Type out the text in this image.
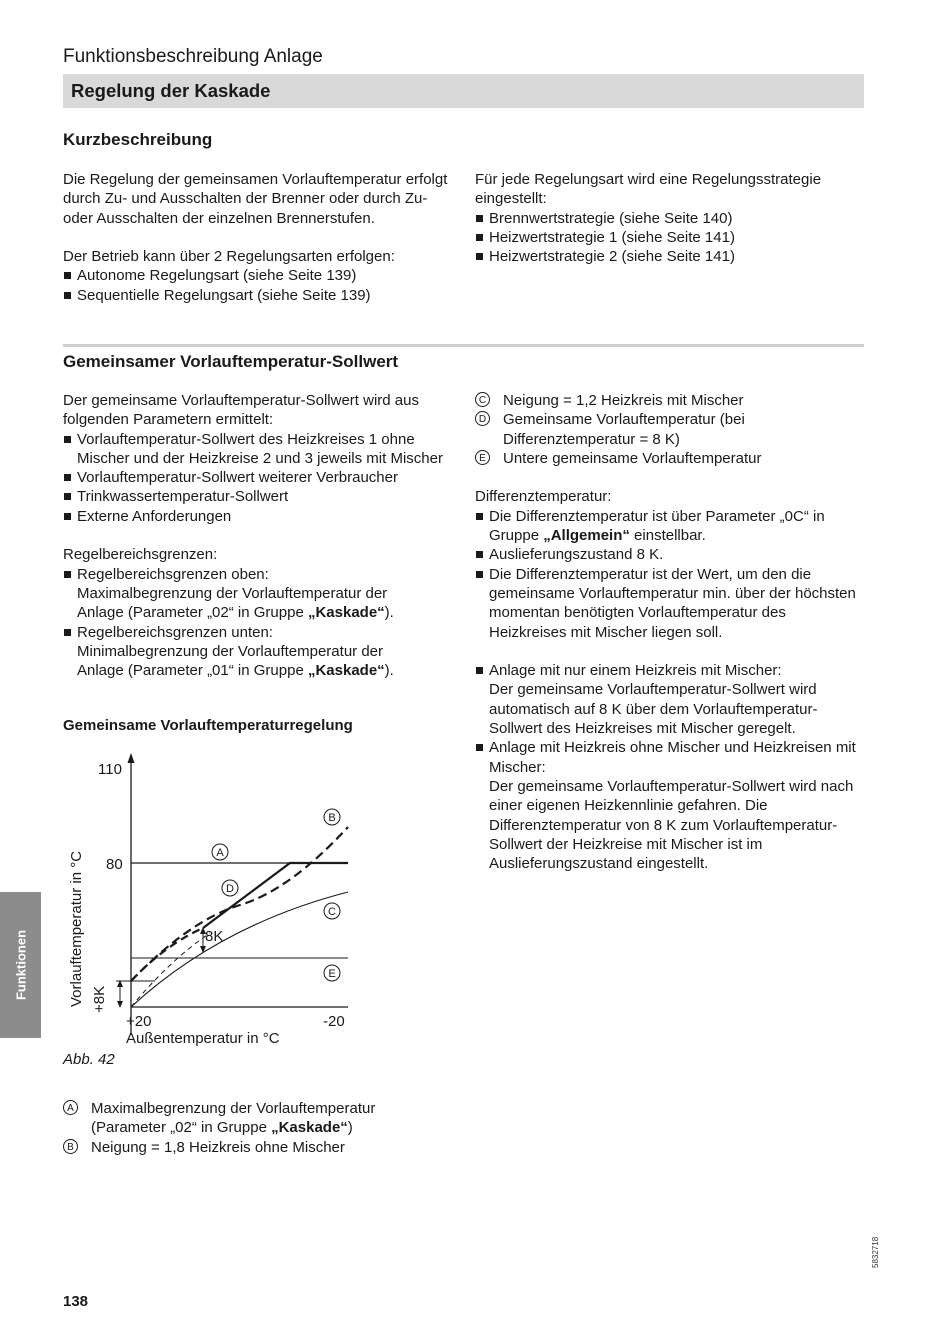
Funktionsbeschreibung Anlage
Regelung der Kaskade
Kurzbeschreibung

Die Regelung der gemeinsamen Vorlauftemperatur erfolgt durch Zu- und Ausschalten der Brenner oder durch Zu- oder Ausschalten der einzelnen Brennerstufen.

Der Betrieb kann über 2 Regelungsarten erfolgen:

Autonome Regelungsart (siehe Seite 139)
Sequentielle Regelungsart (siehe Seite 139)

Für jede Regelungsart wird eine Regelungsstrategie eingestellt:

Brennwertstrategie (siehe Seite 140)
Heizwertstrategie 1 (siehe Seite 141)
Heizwertstrategie 2 (siehe Seite 141)
Gemeinsamer Vorlauftemperatur-Sollwert

Der gemeinsame Vorlauftemperatur-Sollwert wird aus folgenden Parametern ermittelt:

Vorlauftemperatur-Sollwert des Heizkreises 1 ohne Mischer und der Heizkreise 2 und 3 jeweils mit Mischer
Vorlauftemperatur-Sollwert weiterer Verbraucher
Trinkwassertemperatur-Sollwert
Externe Anforderungen

Regelbereichsgrenzen:

Regelbereichsgrenzen oben:
Maximalbegrenzung der Vorlauftemperatur der
Anlage (Parameter „02“ in Gruppe „Kaskade“).
Regelbereichsgrenzen unten:
Minimalbegrenzung der Vorlauftemperatur der
Anlage (Parameter „01“ in Gruppe „Kaskade“).
Gemeinsame Vorlauftemperaturregelung
110
80
+20	-20
Außentemperatur in °C
Vorlauftemperatur in °C +8K
8K
A
B
C
D
E
Abb. 42
A Maximalbegrenzung der Vorlauftemperatur (Parameter „02“ in Gruppe „Kaskade“)
B Neigung = 1,8 Heizkreis ohne Mischer
C Neigung = 1,2 Heizkreis mit Mischer
D Gemeinsame Vorlauftemperatur (bei Differenztemperatur = 8 K)
E Untere gemeinsame Vorlauftemperatur

Differenztemperatur:

Die Differenztemperatur ist über Parameter „0C“ in Gruppe „Allgemein“ einstellbar.
Auslieferungszustand 8 K.
Die Differenztemperatur ist der Wert, um den die gemeinsame Vorlauftemperatur min. über der höchsten momentan benötigten Vorlauftemperatur des Heizkreises mit Mischer liegen soll.
Anlage mit nur einem Heizkreis mit Mischer:
Der gemeinsame Vorlauftemperatur-Sollwert wird automatisch auf 8 K über dem Vorlauftemperatur-Sollwert des Heizkreises mit Mischer geregelt.
Anlage mit Heizkreis ohne Mischer und Heizkreisen mit Mischer:
Der gemeinsame Vorlauftemperatur-Sollwert wird nach einer eigenen Heizkennlinie gefahren. Die Differenztemperatur von 8 K zum Vorlauftemperatur-Sollwert der Heizkreise mit Mischer ist im Auslieferungszustand eingestellt.
Funktionen
138
5832718
